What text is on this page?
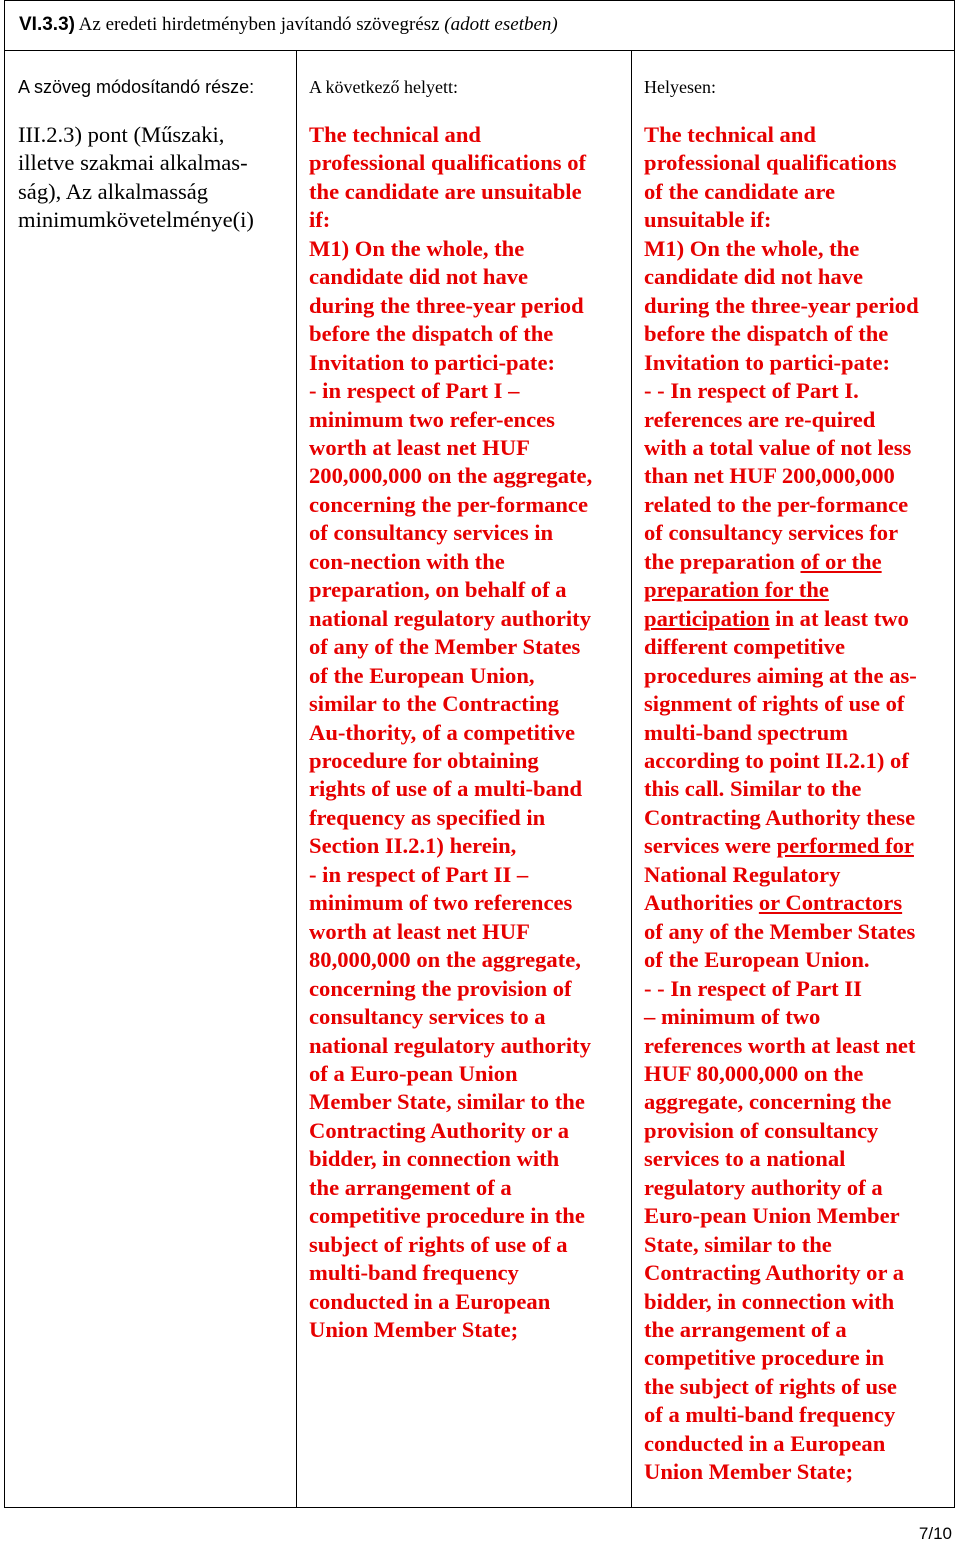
VI.3.3) Az eredeti hirdetményben javítandó szövegrész (adott esetben)
A szöveg módosítandó része:
III.2.3) pont (Műszaki,
illetve szakmai alkalmas-
ság), Az alkalmasság
minimumkövetelménye(i)
A következő helyett:
The technical and
professional qualifications of
the candidate are unsuitable
if:
M1) On the whole, the
candidate did not have
during the three-year period
before the dispatch of the
Invitation to partici-pate:
- in respect of Part I –
minimum two refer-ences
worth at least net HUF
200,000,000 on the aggregate,
concerning the per-formance
of consultancy services in
con-nection with the
preparation, on behalf of a
national regulatory authority
of any of the Member States
of the European Union,
similar to the Contracting
Au-thority, of a competitive
procedure for obtaining
rights of use of a multi-band
frequency as specified in
Section II.2.1) herein,
- in respect of Part II –
minimum of two references
worth at least net HUF
80,000,000 on the aggregate,
concerning the provision of
consultancy services to a
national regulatory authority
of a Euro-pean Union
Member State, similar to the
Contracting Authority or a
bidder, in connection with
the arrangement of a
competitive procedure in the
subject of rights of use of a
multi-band frequency
conducted in a European
Union Member State;
Helyesen:
The technical and
professional qualifications
of the candidate are
unsuitable if:
M1) On the whole, the
candidate did not have
during the three-year period
before the dispatch of the
Invitation to partici-pate:
- - In respect of Part I.
references are re-quired
with a total value of not less
than net HUF 200,000,000
related to the per-formance
of consultancy services for
the preparation of or the
preparation for the
participation in at least two
different competitive
procedures aiming at the as-
signment of rights of use of
multi-band spectrum
according to point II.2.1) of
this call. Similar to the
Contracting Authority these
services were performed for
National Regulatory
Authorities or Contractors
of any of the Member States
of the European Union.
- - In respect of Part II
– minimum of two
references worth at least net
HUF 80,000,000 on the
aggregate, concerning the
provision of consultancy
services to a national
regulatory authority of a
Euro-pean Union Member
State, similar to the
Contracting Authority or a
bidder, in connection with
the arrangement of a
competitive procedure in
the subject of rights of use
of a multi-band frequency
conducted in a European
Union Member State;
7/10
